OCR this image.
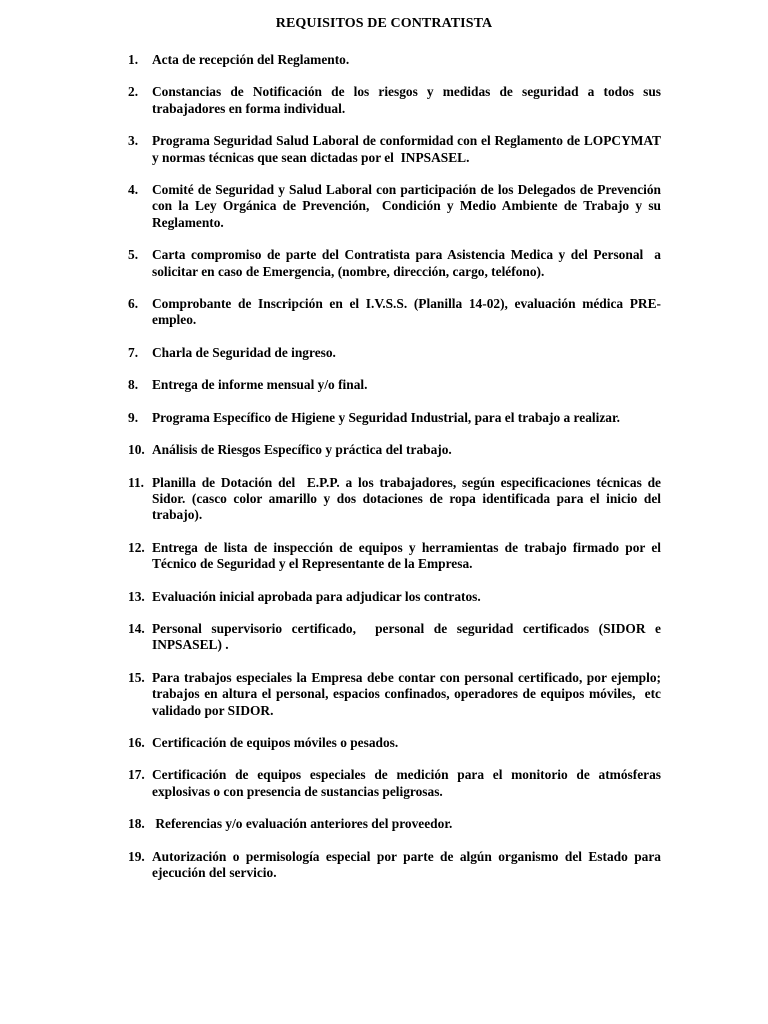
REQUISITOS DE CONTRATISTA
1.	Acta de recepción del Reglamento.
2.	Constancias de Notificación de los riesgos y medidas de seguridad a todos sus trabajadores en forma individual.
3.	Programa Seguridad Salud Laboral de conformidad con el Reglamento de LOPCYMAT y normas técnicas que sean dictadas por el  INPSASEL.
4.	Comité de Seguridad y Salud Laboral con participación de los Delegados de Prevención con la Ley Orgánica de Prevención,  Condición y Medio Ambiente de Trabajo y su Reglamento.
5.	Carta compromiso de parte del Contratista para Asistencia Medica y del Personal  a solicitar en caso de Emergencia, (nombre, dirección, cargo, teléfono).
6.	Comprobante de Inscripción en el I.V.S.S. (Planilla 14-02), evaluación médica PRE-empleo.
7.	Charla de Seguridad de ingreso.
8.	Entrega de informe mensual y/o final.
9.	Programa Específico de Higiene y Seguridad Industrial, para el trabajo a realizar.
10. Análisis de Riesgos Específico y práctica del trabajo.
11. Planilla de Dotación del  E.P.P. a los trabajadores, según especificaciones técnicas de Sidor. (casco color amarillo y dos dotaciones de ropa identificada para el inicio del trabajo).
12. Entrega de lista de inspección de equipos y herramientas de trabajo firmado por el Técnico de Seguridad y el Representante de la Empresa.
13. Evaluación inicial aprobada para adjudicar los contratos.
14. Personal supervisorio certificado,  personal de seguridad certificados (SIDOR e INPSASEL) .
15. Para trabajos especiales la Empresa debe contar con personal certificado, por ejemplo; trabajos en altura el personal, espacios confinados, operadores de equipos móviles,  etc validado por SIDOR.
16. Certificación de equipos móviles o pesados.
17. Certificación de equipos especiales de medición para el monitorio de atmósferas explosivas o con presencia de sustancias peligrosas.
18. Referencias y/o evaluación anteriores del proveedor.
19. Autorización o permisología especial por parte de algún organismo del Estado para ejecución del servicio.
